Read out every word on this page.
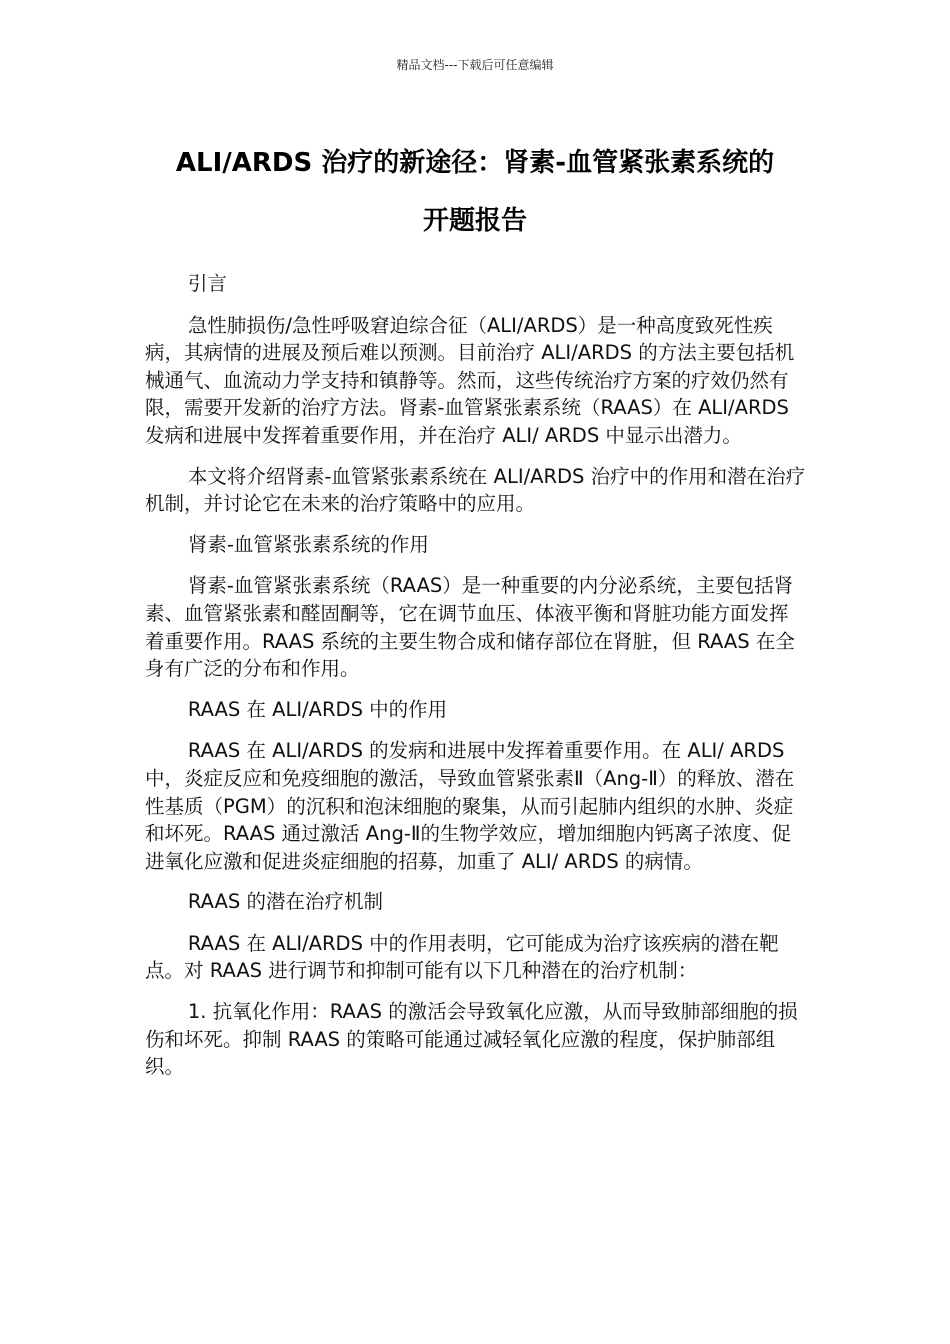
精品文档---下载后可任意编辑
ALI/ARDS 治疗的新途径：肾素-血管紧张素系统的
开题报告

引言

急性肺损伤/急性呼吸窘迫综合征（ALI/ARDS）是一种高度致死性疾病，其病情的进展及预后难以预测。目前治疗 ALI/ARDS 的方法主要包括机械通气、血流动力学支持和镇静等。然而，这些传统治疗方案的疗效仍然有限，需要开发新的治疗方法。肾素-血管紧张素系统（RAAS）在 ALI/ARDS 发病和进展中发挥着重要作用，并在治疗 ALI/ ARDS 中显示出潜力。

本文将介绍肾素-血管紧张素系统在 ALI/ARDS 治疗中的作用和潜在治疗机制，并讨论它在未来的治疗策略中的应用。

肾素-血管紧张素系统的作用

肾素-血管紧张素系统（RAAS）是一种重要的内分泌系统，主要包括肾素、血管紧张素和醛固酮等，它在调节血压、体液平衡和肾脏功能方面发挥着重要作用。RAAS 系统的主要生物合成和储存部位在肾脏，但 RAAS 在全身有广泛的分布和作用。

RAAS 在 ALI/ARDS 中的作用

RAAS 在 ALI/ARDS 的发病和进展中发挥着重要作用。在 ALI/ ARDS 中，炎症反应和免疫细胞的激活，导致血管紧张素Ⅱ（Ang-Ⅱ）的释放、潜在性基质（PGM）的沉积和泡沫细胞的聚集，从而引起肺内组织的水肿、炎症和坏死。RAAS 通过激活 Ang-Ⅱ的生物学效应，增加细胞内钙离子浓度、促进氧化应激和促进炎症细胞的招募，加重了 ALI/ ARDS 的病情。

RAAS 的潜在治疗机制

RAAS 在 ALI/ARDS 中的作用表明，它可能成为治疗该疾病的潜在靶点。对 RAAS 进行调节和抑制可能有以下几种潜在的治疗机制：

1. 抗氧化作用：RAAS 的激活会导致氧化应激，从而导致肺部细胞的损伤和坏死。抑制 RAAS 的策略可能通过减轻氧化应激的程度，保护肺部组织。
